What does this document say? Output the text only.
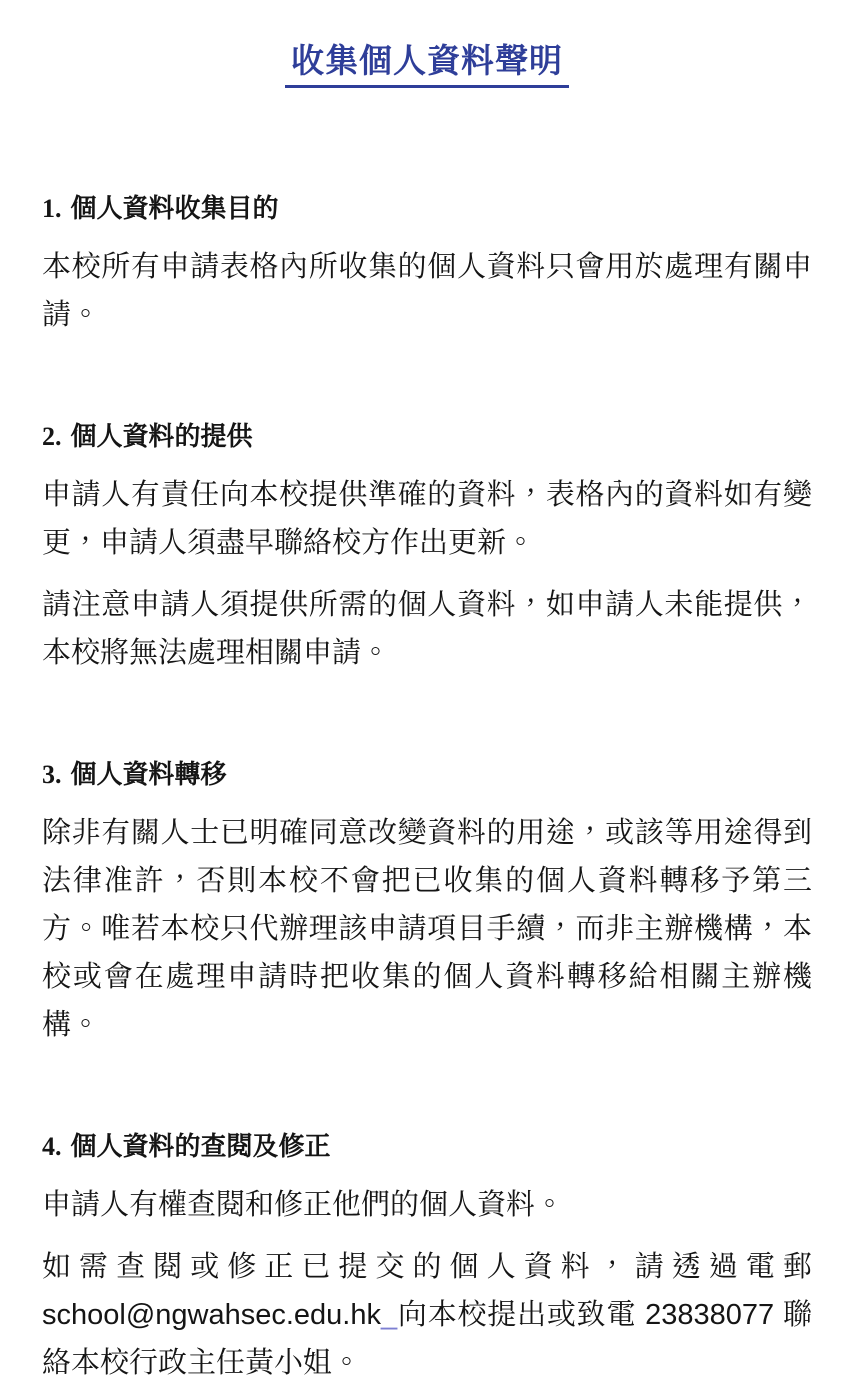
收集個人資料聲明
1. 個人資料收集目的

本校所有申請表格內所收集的個人資料只會用於處理有關申請。

2. 個人資料的提供

申請人有責任向本校提供準確的資料，表格內的資料如有變更，申請人須盡早聯絡校方作出更新。

請注意申請人須提供所需的個人資料，如申請人未能提供，本校將無法處理相關申請。

3. 個人資料轉移

除非有關人士已明確同意改變資料的用途，或該等用途得到法律准許，否則本校不會把已收集的個人資料轉移予第三方。唯若本校只代辦理該申請項目手續，而非主辦機構，本校或會在處理申請時把收集的個人資料轉移給相關主辦機構。

4. 個人資料的查閱及修正

申請人有權查閱和修正他們的個人資料。

如需查閱或修正已提交的個人資料，請透過電郵 school@ngwahsec.edu.hk_向本校提出或致電 23838077 聯絡本校行政主任黃小姐。
